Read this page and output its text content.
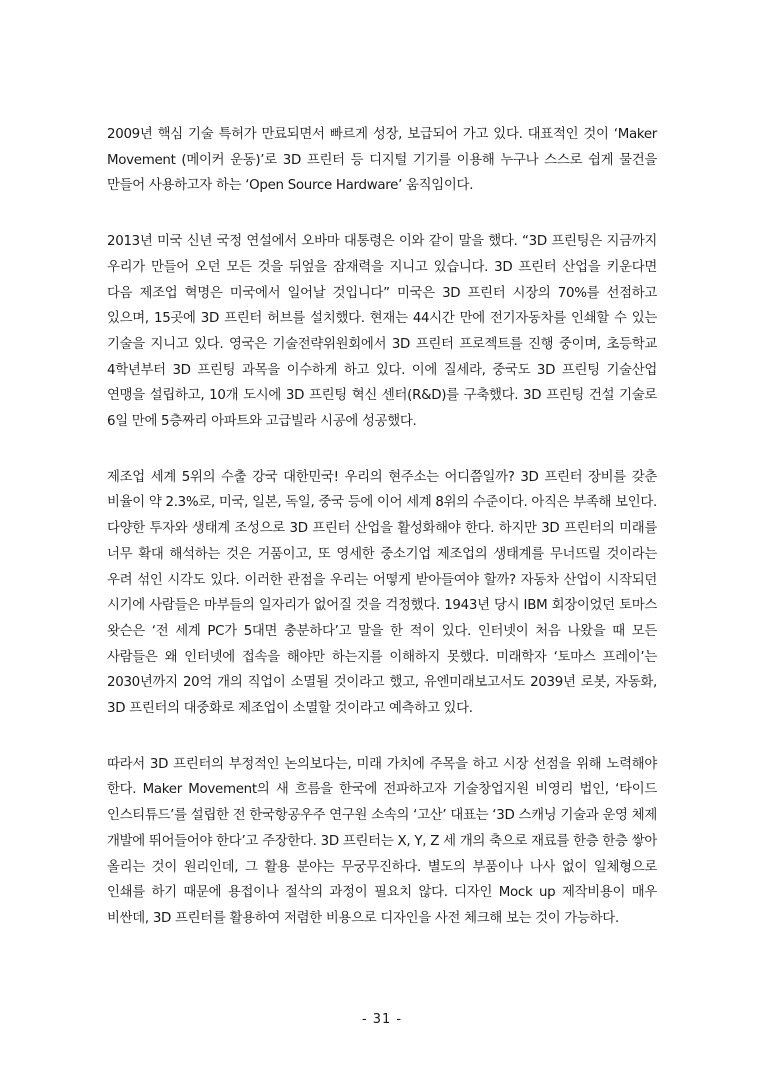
2009년 핵심 기술 특허가 만료되면서 빠르게 성장, 보급되어 가고 있다. 대표적인 것이 ‘Maker Movement (메이커 운동)’로 3D 프린터 등 디지털 기기를 이용해 누구나 스스로 쉽게 물건을 만들어 사용하고자 하는 ‘Open Source Hardware’ 움직임이다.

2013년 미국 신년 국정 연설에서 오바마 대통령은 이와 같이 말을 했다. “3D 프린팅은 지금까지 우리가 만들어 오던 모든 것을 뒤엎을 잠재력을 지니고 있습니다. 3D 프린터 산업을 키운다면 다음 제조업 혁명은 미국에서 일어날 것입니다” 미국은 3D 프린터 시장의 70%를 선점하고 있으며, 15곳에 3D 프린터 허브를 설치했다. 현재는 44시간 만에 전기자동차를 인쇄할 수 있는 기술을 지니고 있다. 영국은 기술전략위원회에서 3D 프린터 프로젝트를 진행 중이며, 초등학교 4학년부터 3D 프린팅 과목을 이수하게 하고 있다. 이에 질세라, 중국도 3D 프린팅 기술산업 연맹을 설립하고, 10개 도시에 3D 프린팅 혁신 센터(R&D)를 구축했다. 3D 프린팅 건설 기술로 6일 만에 5층짜리 아파트와 고급빌라 시공에 성공했다.

제조업 세계 5위의 수출 강국 대한민국! 우리의 현주소는 어디쯤일까? 3D 프린터 장비를 갖춘 비율이 약 2.3%로, 미국, 일본, 독일, 중국 등에 이어 세계 8위의 수준이다. 아직은 부족해 보인다. 다양한 투자와 생태계 조성으로 3D 프린터 산업을 활성화해야 한다. 하지만 3D 프린터의 미래를 너무 확대 해석하는 것은 거품이고, 또 영세한 중소기업 제조업의 생태계를 무너뜨릴 것이라는 우려 섞인 시각도 있다. 이러한 관점을 우리는 어떻게 받아들여야 할까? 자동차 산업이 시작되던 시기에 사람들은 마부들의 일자리가 없어질 것을 걱정했다. 1943년 당시 IBM 회장이었던 토마스 왓슨은 ‘전 세계 PC가 5대면 충분하다’고 말을 한 적이 있다. 인터넷이 처음 나왔을 때 모든 사람들은 왜 인터넷에 접속을 해야만 하는지를 이해하지 못했다. 미래학자 ‘토마스 프레이’는 2030년까지 20억 개의 직업이 소멸될 것이라고 했고, 유엔미래보고서도 2039년 로봇, 자동화, 3D 프린터의 대중화로 제조업이 소멸할 것이라고 예측하고 있다.

따라서 3D 프린터의 부정적인 논의보다는, 미래 가치에 주목을 하고 시장 선점을 위해 노력해야 한다. Maker Movement의 새 흐름을 한국에 전파하고자 기술창업지원 비영리 법인, ‘타이드 인스티튜드’를 설립한 전 한국항공우주 연구원 소속의 ‘고산’ 대표는 ‘3D 스캐닝 기술과 운영 체제 개발에 뛰어들어야 한다’고 주장한다. 3D 프린터는 X, Y, Z 세 개의 축으로 재료를 한층 한층 쌓아 올리는 것이 원리인데, 그 활용 분야는 무궁무진하다. 별도의 부품이나 나사 없이 일체형으로 인쇄를 하기 때문에 용접이나 절삭의 과정이 필요치 않다. 디자인 Mock up 제작비용이 매우 비싼데, 3D 프린터를 활용하여 저렴한 비용으로 디자인을 사전 체크해 보는 것이 가능하다.

- 31 -
